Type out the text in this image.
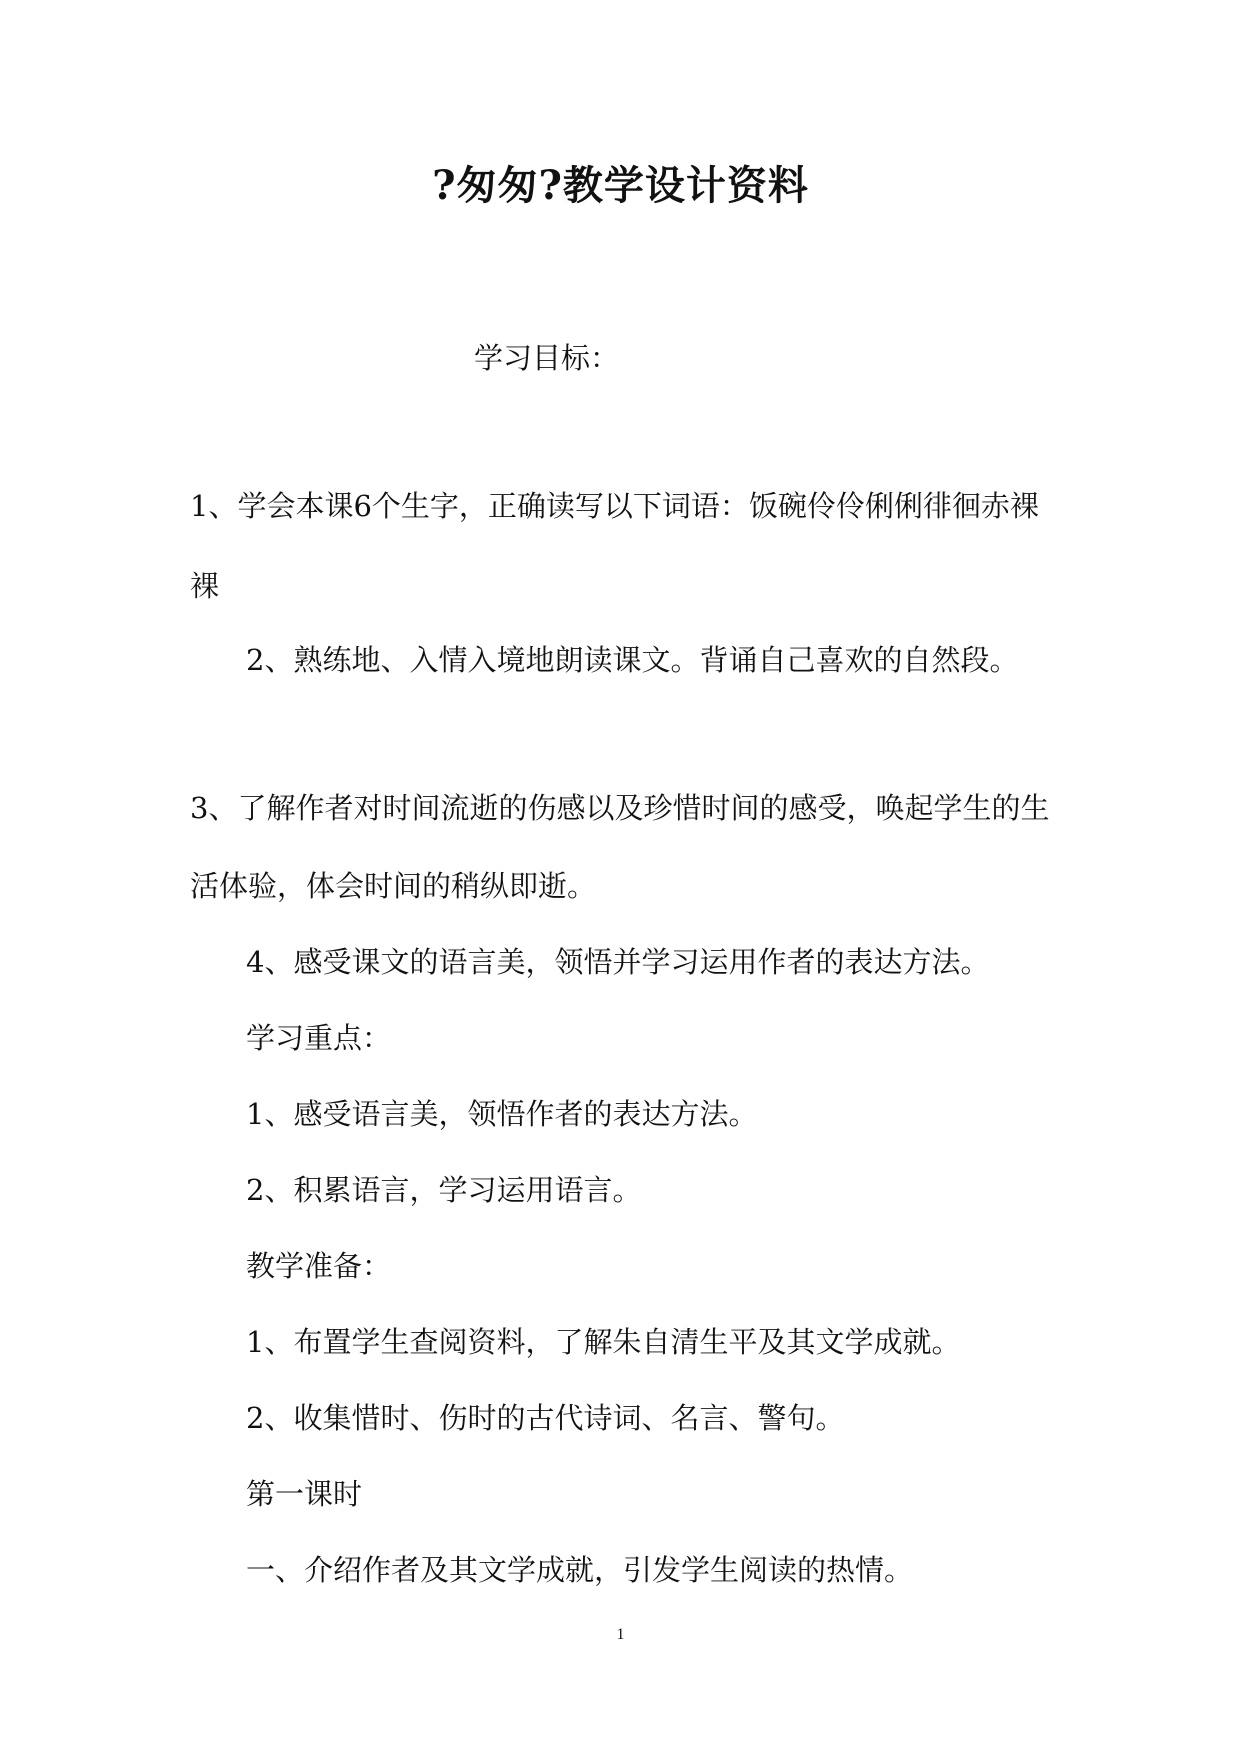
?匆匆?教学设计资料

学习目标：

1、学会本课6个生字，正确读写以下词语：饭碗伶伶俐俐徘徊赤裸

裸

2、熟练地、入情入境地朗读课文。背诵自己喜欢的自然段。

3、了解作者对时间流逝的伤感以及珍惜时间的感受，唤起学生的生

活体验，体会时间的稍纵即逝。

4、感受课文的语言美，领悟并学习运用作者的表达方法。

学习重点：

1、感受语言美，领悟作者的表达方法。

2、积累语言，学习运用语言。

教学准备：

1、布置学生查阅资料，了解朱自清生平及其文学成就。

2、收集惜时、伤时的古代诗词、名言、警句。

第一课时

一、介绍作者及其文学成就，引发学生阅读的热情。

1
